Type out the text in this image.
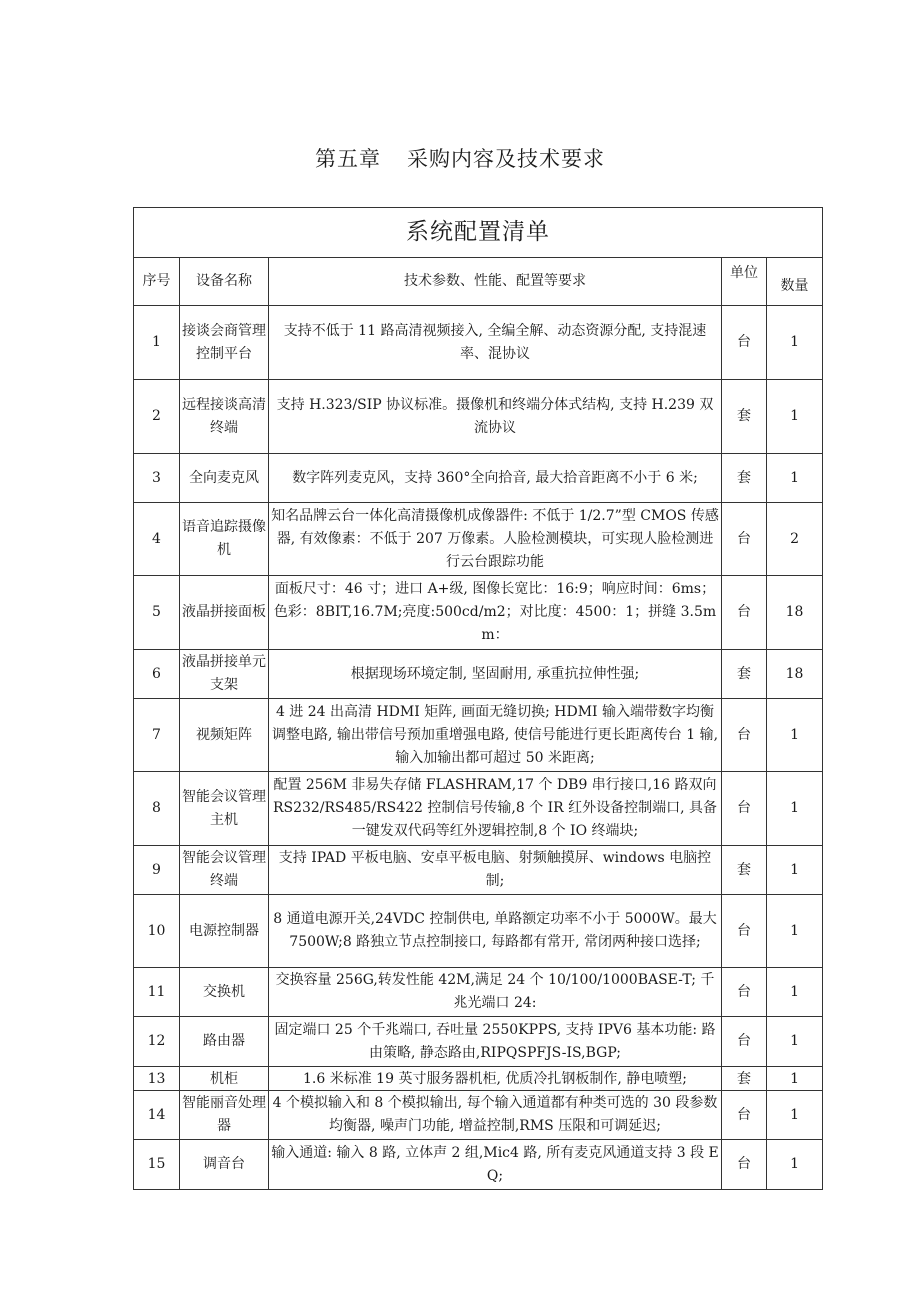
第五章 采购内容及技术要求
系统配置清单				
序号	设备名称	技术参数、性能、配置等要求	单位	数量
1	接谈会商管理控制平台	支持不低于 11 路高清视频接入, 全编全解、动态资源分配, 支持混速率、混协议	台	1
2	远程接谈高清终端	支持 H.323/SIP 协议标准。摄像机和终端分体式结构, 支持 H.239 双流协议	套	1
3	全向麦克风	数字阵列麦克风，支持 360°全向拾音, 最大拾音距离不小于 6 米;	套	1
4	语音追踪摄像机	知名品牌云台一体化高清摄像机成像器件: 不低于 1/2.7”型 CMOS 传感器, 有效像素：不低于 207 万像素。人脸检测模块，可实现人脸检测进行云台跟踪功能	台	2
5	液晶拼接面板	面板尺寸：46 寸；进口 A+级, 图像长宽比：16:9；响应时间：6ms；色彩：8BIT,16.7M;亮度:500cd/m2；对比度：4500：1；拼缝 3.5mm：	台	18
6	液晶拼接单元支架	根据现场环境定制, 坚固耐用, 承重抗拉伸性强;	套	18
7	视频矩阵	4 进 24 出高清 HDMI 矩阵, 画面无缝切换; HDMI 输入端带数字均衡调整电路, 输出带信号预加重增强电路, 使信号能进行更长距离传台 1 输, 输入加输出都可超过 50 米距离;	台	1
8	智能会议管理主机	配置 256M 非易失存储 FLASHRAM,17 个 DB9 串行接口,16 路双向 RS232/RS485/RS422 控制信号传输,8 个 IR 红外设备控制端口, 具备一键发双代码等红外逻辑控制,8 个 IO 终端块;	台	1
9	智能会议管理终端	支持 IPAD 平板电脑、安卓平板电脑、射频触摸屏、windows 电脑控制;	套	1
10	电源控制器	8 通道电源开关,24VDC 控制供电, 单路额定功率不小于 5000W。最大 7500W;8 路独立节点控制接口, 每路都有常开, 常闭两种接口选择;	台	1
11	交换机	交换容量 256G,转发性能 42M,满足 24 个 10/100/1000BASE-T; 千兆光端口 24:	台	1
12	路由器	固定端口 25 个千兆端口, 吞吐量 2550KPPS, 支持 IPV6 基本功能: 路由策略, 静态路由,RIPQSPFJS-IS,BGP;	台	1
13	机柜	1.6 米标准 19 英寸服务器机柜, 优质冷扎钢板制作, 静电喷塑;	套	1
14	智能丽音处理器	4 个模拟输入和 8 个模拟输出, 每个输入通道都有种类可选的 30 段参数均衡器, 噪声门功能, 增益控制,RMS 压限和可调延迟;	台	1
15	调音台	输入通道: 输入 8 路, 立体声 2 组,Mic4 路, 所有麦克风通道支持 3 段 EQ;	台	1
